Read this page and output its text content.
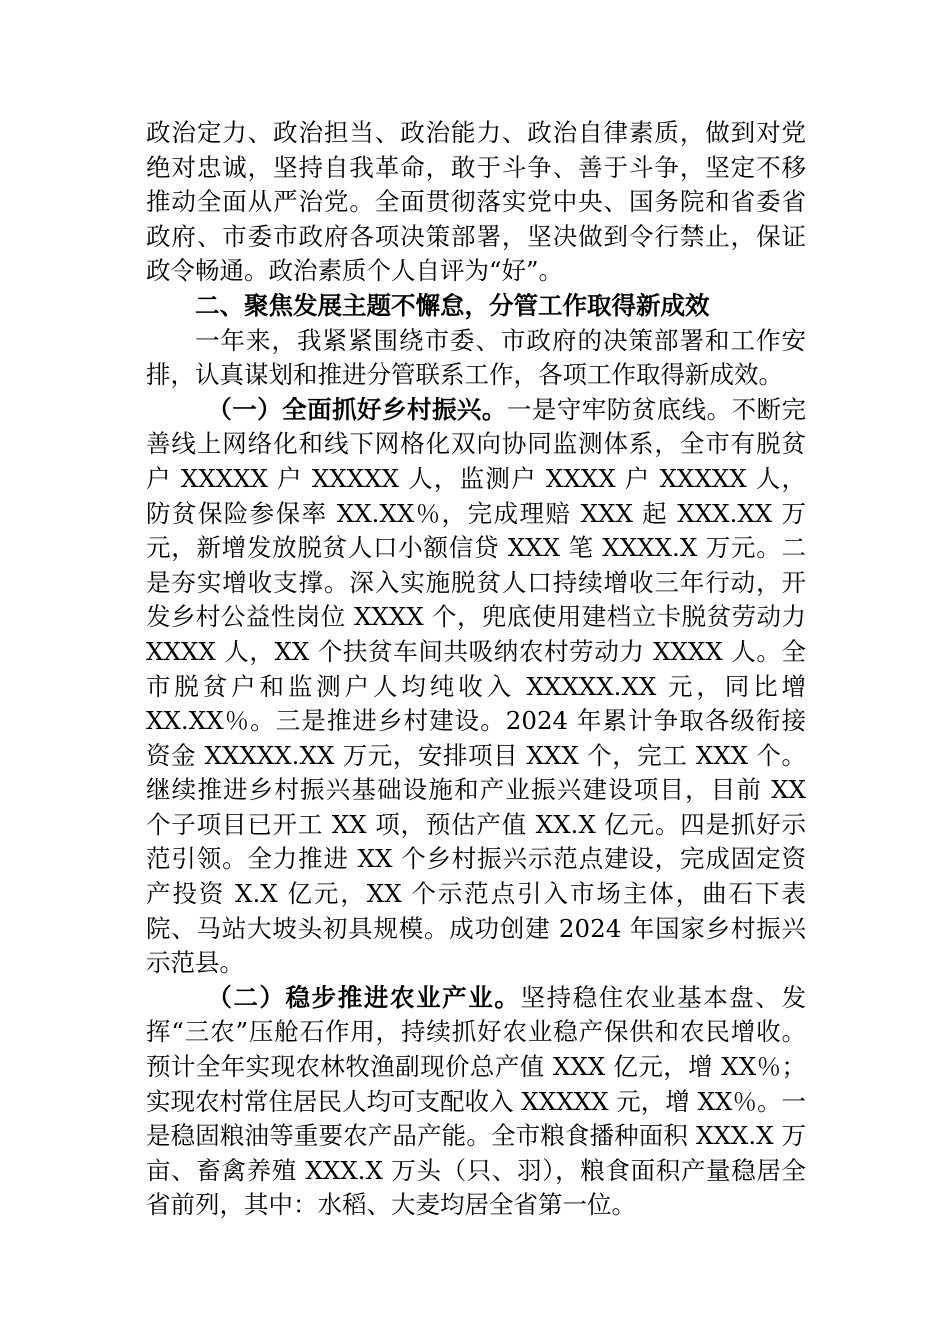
政治定力、政治担当、政治能力、政治自律素质，做到对党绝对忠诚，坚持自我革命，敢于斗争、善于斗争，坚定不移推动全面从严治党。全面贯彻落实党中央、国务院和省委省政府、市委市政府各项决策部署，坚决做到令行禁止，保证政令畅通。政治素质个人自评为“好”。

二、聚焦发展主题不懈怠，分管工作取得新成效

一年来，我紧紧围绕市委、市政府的决策部署和工作安排，认真谋划和推进分管联系工作，各项工作取得新成效。

（一）全面抓好乡村振兴。一是守牢防贫底线。不断完善线上网络化和线下网格化双向协同监测体系，全市有脱贫户 XXXXX 户 XXXXX 人，监测户 XXXX 户 XXXXX 人，防贫保险参保率 XX.XX％，完成理赔 XXX 起 XXX.XX 万元，新增发放脱贫人口小额信贷 XXX 笔 XXXX.X 万元。二是夯实增收支撑。深入实施脱贫人口持续增收三年行动，开发乡村公益性岗位 XXXX 个，兜底使用建档立卡脱贫劳动力 XXXX 人，XX 个扶贫车间共吸纳农村劳动力 XXXX 人。全市脱贫户和监测户人均纯收入 XXXXX.XX 元，同比增 XX.XX％。三是推进乡村建设。2024 年累计争取各级衔接资金 XXXXX.XX 万元，安排项目 XXX 个，完工 XXX 个。继续推进乡村振兴基础设施和产业振兴建设项目，目前 XX 个子项目已开工 XX 项，预估产值 XX.X 亿元。四是抓好示范引领。全力推进 XX 个乡村振兴示范点建设，完成固定资产投资 X.X 亿元，XX 个示范点引入市场主体，曲石下表院、马站大坡头初具规模。成功创建 2024 年国家乡村振兴示范县。

（二）稳步推进农业产业。坚持稳住农业基本盘、发挥“三农”压舱石作用，持续抓好农业稳产保供和农民增收。预计全年实现农林牧渔副现价总产值 XXX 亿元，增 XX％；实现农村常住居民人均可支配收入 XXXXX 元，增 XX％。一是稳固粮油等重要农产品产能。全市粮食播种面积 XXX.X 万亩、畜禽养殖 XXX.X 万头（只、羽），粮食面积产量稳居全省前列，其中：水稻、大麦均居全省第一位。
